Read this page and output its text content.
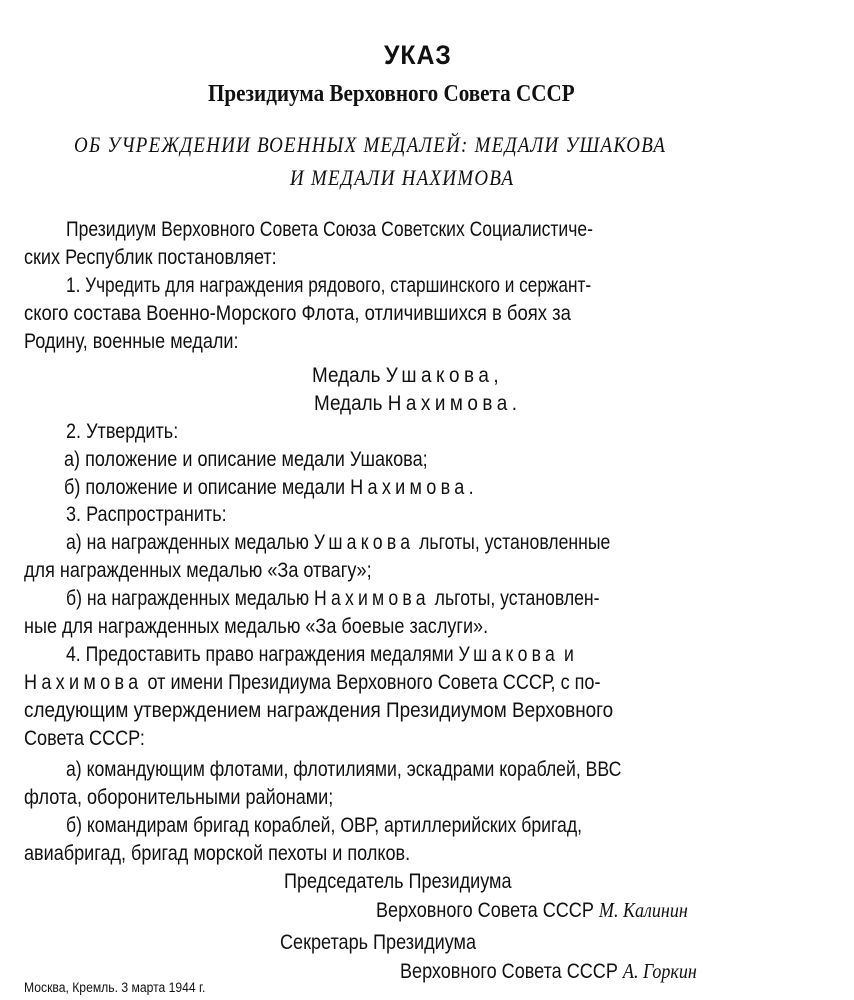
УКАЗ
Президиума Верховного Совета СССР
ОБ УЧРЕЖДЕНИИ ВОЕННЫХ МЕДАЛЕЙ: МЕДАЛИ УШАКОВА
И МЕДАЛИ НАХИМОВА
Президиум Верховного Совета Союза Советских Социалистиче-
ских Республик постановляет:
1. Учредить для награждения рядового, старшинского и сержант-
ского состава Военно-Морского Флота, отличившихся в боях за
Родину, военные медали:
Медаль Ушакова,
Медаль Нахимова.
2. Утвердить:
а) положение и описание медали Ушакова;
б) положение и описание медали Нахимова.
3. Распространить:
а) на награжденных медалью Ушакова льготы, установленные
для награжденных медалью «За отвагу»;
б) на награжденных медалью Нахимова льготы, установлен-
ные для награжденных медалью «За боевые заслуги».
4. Предоставить право награждения медалями Ушакова и
Нахимова от имени Президиума Верховного Совета СССР, с по-
следующим утверждением награждения Президиумом Верховного
Совета СССР:
а) командующим флотами, флотилиями, эскадрами кораблей, ВВС
флота, оборонительными районами;
б) командирам бригад кораблей, ОВР, артиллерийских бригад,
авиабригад, бригад морской пехоты и полков.
Председатель Президиума
Верховного Совета СССР М. Калинин
Секретарь Президиума
Верховного Совета СССР А. Горкин
Москва, Кремль. 3 марта 1944 г.
